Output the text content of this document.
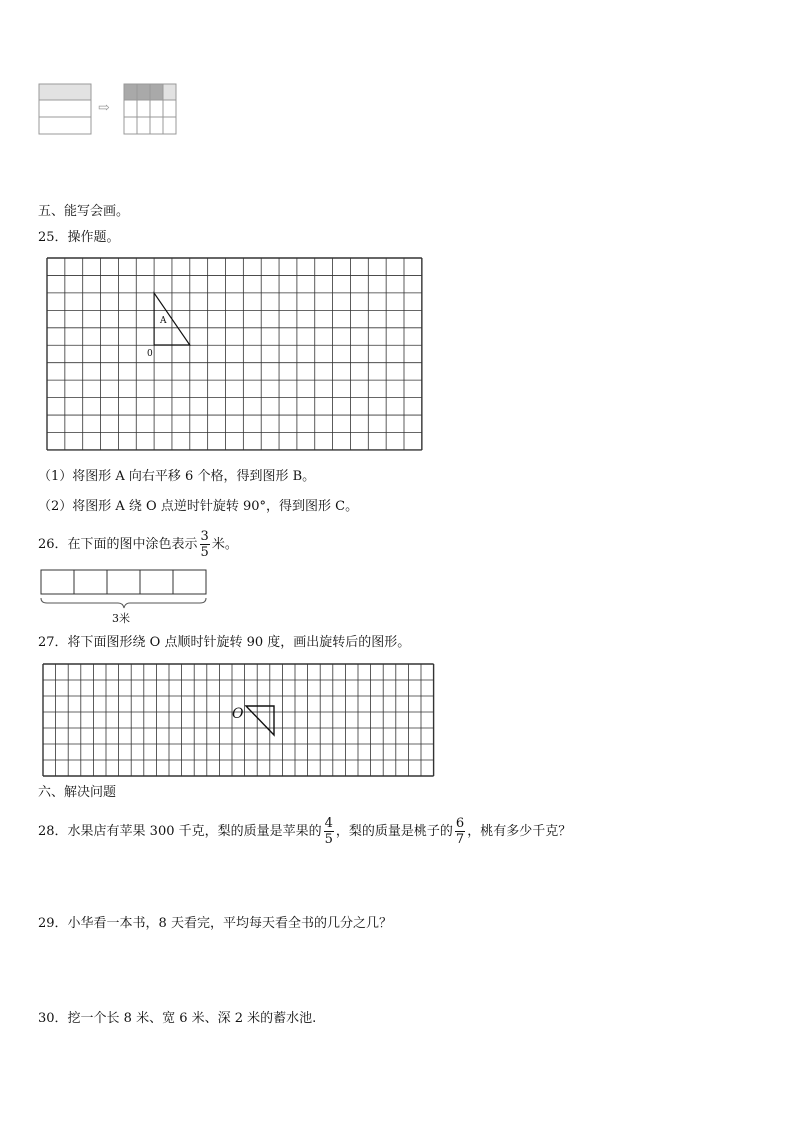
⇨
五、能写会画。
25．操作题。
A
0
（1）将图形 A 向右平移 6 个格，得到图形 B。
（2）将图形 A 绕 O 点逆时针旋转 90°，得到图形 C。
26．在下面的图中涂色表示 $\frac{3}{5}$ 米。
3米
27．将下面图形绕 O 点顺时针旋转 90 度，画出旋转后的图形。
O
六、解决问题
28．水果店有苹果 300 千克，梨的质量是苹果的 $\frac{4}{5}$ ，梨的质量是桃子的 $\frac{6}{7}$ ，桃有多少千克？
29．小华看一本书，8 天看完，平均每天看全书的几分之几？
30．挖一个长 8 米、宽 6 米、深 2 米的蓄水池.
